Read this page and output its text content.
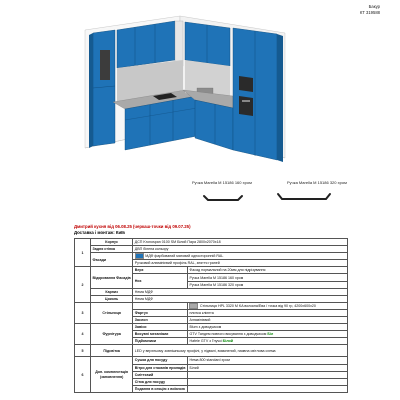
Бакур
КТ 319588
Ручка Marella M 15186 160 хром	Ручка Marella M 15186 320 хром
Дмитрий кухня від 06.08.25 (черкаш-точки від 09.07.25)
Доставка і монтаж: Київ
1	Корпус	ДСП Kronospan 0100 SM Білий Пара 2800х2070х18	
	Задня стінка	ДВП білена кольору	
	Фасади	МДФ фарбований матовий односторонній RAL	
		Ручковий алюмінієвий профіль RAL, зняття граней	
2	Відкривання Фасадів	Верх	Фасад нормальний на 20мм для підрізування
		Низ	Ручка Marella M 15186 160 хром
			Ручка Marella M 15186 320 хром
	Карниз	Нема МДФ	
	Цоколь	Нема МДФ	
3	Стільниця		Стільниця HPL 3320 M KA волокна/Ева / точка від 90 гр, 4200х600х20
		Фартух	плитка клієнта
		Заслон	Алюмінієвий
4	Фурнітура	Завіси	Blum з доводчиком
		Висувні механізми	GTV Тандем повного висування з доводчиком Біл
		Підйомники	Hafele GTV з Гнучкі Білий
5	Підсвітка	LED у верхньому зовнішньому профілі, у підвалі, вимкнений, наявна світлова схема	
6	Доп. комплектація (заповнення)	Сушка для посуду	Нема 800 standard хром
		Вітри для стаканів приладів	Білий
		Сміттєвий	
		Сітка для посуду	
		Подання в секцію з виїзною	
